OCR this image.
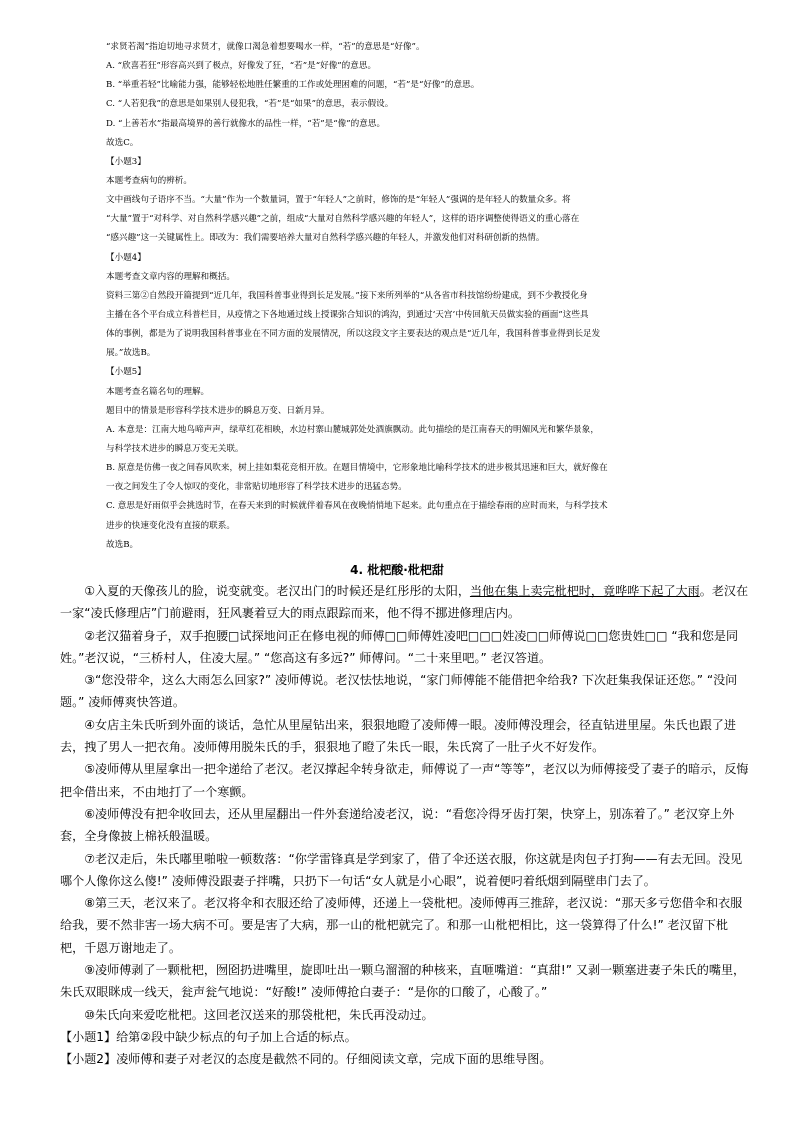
“求贤若渴”指迫切地寻求贤才，就像口渴急着想要喝水一样，“若”的意思是“好像”。

A. “欣喜若狂”形容高兴到了极点，好像发了狂，“若”是“好像”的意思。

B. “举重若轻”比喻能力强，能够轻松地胜任繁重的工作或处理困难的问题，“若”是“好像”的意思。

C. “人若犯我”的意思是如果别人侵犯我，“若”是“如果”的意思，表示假设。

D. “上善若水”指最高境界的善行就像水的品性一样，“若”是“像”的意思。

故选C。

【小题3】

本题考查病句的辨析。

文中画线句子语序不当。“大量”作为一个数量词，置于“年轻人”之前时，修饰的是“年轻人”强调的是年轻人的数量众多。将

“大量”置于“对科学、对自然科学感兴趣”之前，组成“大量对自然科学感兴趣的年轻人”，这样的语序调整使得语义的重心落在

“感兴趣”这一关键属性上。即改为：我们需要培养大量对自然科学感兴趣的年轻人，并激发他们对科研创新的热情。

【小题4】

本题考查文章内容的理解和概括。

资料三第②自然段开篇提到“近几年，我国科普事业得到长足发展。”接下来所列举的“从各省市科技馆纷纷建成，到不少教授化身

主播在各个平台成立科普栏目，从疫情之下各地通过线上授课弥合知识的鸿沟，到通过‘天宫’中传回航天员做实验的画面”这些具

体的事例，都是为了说明我国科普事业在不同方面的发展情况，所以这段文字主要表达的观点是“近几年，我国科普事业得到长足发

展。”故选B。

【小题5】

本题考查名篇名句的理解。

题目中的情景是形容科学技术进步的瞬息万变、日新月异。

A. 本意是：江南大地鸟啼声声，绿草红花相映，水边村寨山麓城郭处处酒旗飘动。此句描绘的是江南春天的明媚风光和繁华景象，

与科学技术进步的瞬息万变无关联。

B. 原意是仿佛一夜之间春风吹来，树上挂如梨花竞相开放。在题目情境中，它形象地比喻科学技术的进步极其迅速和巨大，就好像在

一夜之间发生了令人惊叹的变化，非常贴切地形容了科学技术进步的迅猛态势。

C. 意思是好雨似乎会挑选时节，在春天来到的时候就伴着春风在夜晚悄悄地下起来。此句重点在于描绘春雨的应时而来，与科学技术

进步的快速变化没有直接的联系。

故选B。

4. 枇杷酸·枇杷甜

①入夏的天像孩儿的脸，说变就变。老汉出门的时候还是红彤彤的太阳，当他在集上卖完枇杷时，竟哗哗下起了大雨。老汉在一家“凌氏修理店”门前避雨，狂风裹着豆大的雨点跟踪而来，他不得不挪进修理店内。

②老汉猫着身子，双手抱腰□试探地问正在修电视的师傅□□师傅姓凌吧□□□姓凌□□师傅说□□您贵姓□□ “我和您是同姓。”老汉说，“三桥村人，住凌大屋。” “您高这有多远?” 师傅问。“二十来里吧。” 老汉答道。

③“您没带伞，这么大雨怎么回家?” 凌师傅说。老汉怯怯地说，“家门师傅能不能借把伞给我? 下次赶集我保证还您。” “没问题。” 凌师傅爽快答道。

④女店主朱氏听到外面的谈话，急忙从里屋钻出来，狠狠地瞪了凌师傅一眼。凌师傅没理会，径直钻进里屋。朱氏也跟了进去，拽了男人一把衣角。凌师傅用脱朱氏的手，狠狠地了瞪了朱氏一眼，朱氏窝了一肚子火不好发作。

⑤凌师傅从里屋拿出一把伞递给了老汉。老汉撑起伞转身欲走，师傅说了一声“等等”，老汉以为师傅接受了妻子的暗示，反悔把伞借出来，不由地打了一个寒颤。

⑥凌师傅没有把伞收回去，还从里屋翻出一件外套递给凌老汉，说：“看您冷得牙齿打架，快穿上，别冻着了。” 老汉穿上外套，全身像披上棉袄般温暖。

⑦老汉走后，朱氏嘟里啪啦一顿数落：“你学雷锋真是学到家了，借了伞还送衣服，你这就是肉包子打狗——有去无回。没见哪个人像你这么傻!” 凌师傅没跟妻子拌嘴，只扔下一句话“女人就是小心眼”，说着便叼着纸烟到隔壁串门去了。

⑧第三天，老汉来了。老汉将伞和衣服还给了凌师傅，还递上一袋枇杷。凌师傅再三推辞，老汉说：“那天多亏您借伞和衣服给我，要不然非害一场大病不可。要是害了大病，那一山的枇杷就完了。和那一山枇杷相比，这一袋算得了什么!” 老汉留下枇杷，千恩万谢地走了。

⑨凌师傅剥了一颗枇杷，囫囵扔进嘴里，旋即吐出一颗乌溜溜的种核来，直咂嘴道：“真甜!” 又剥一颗塞进妻子朱氏的嘴里，朱氏双眼眯成一线天，瓮声瓮气地说：“好酸!” 凌师傅抢白妻子：“是你的口酸了，心酸了。”

⑩朱氏向来爱吃枇杷。这回老汉送来的那袋枇杷，朱氏再没动过。

【小题1】给第②段中缺少标点的句子加上合适的标点。

【小题2】凌师傅和妻子对老汉的态度是截然不同的。仔细阅读文章，完成下面的思维导图。
